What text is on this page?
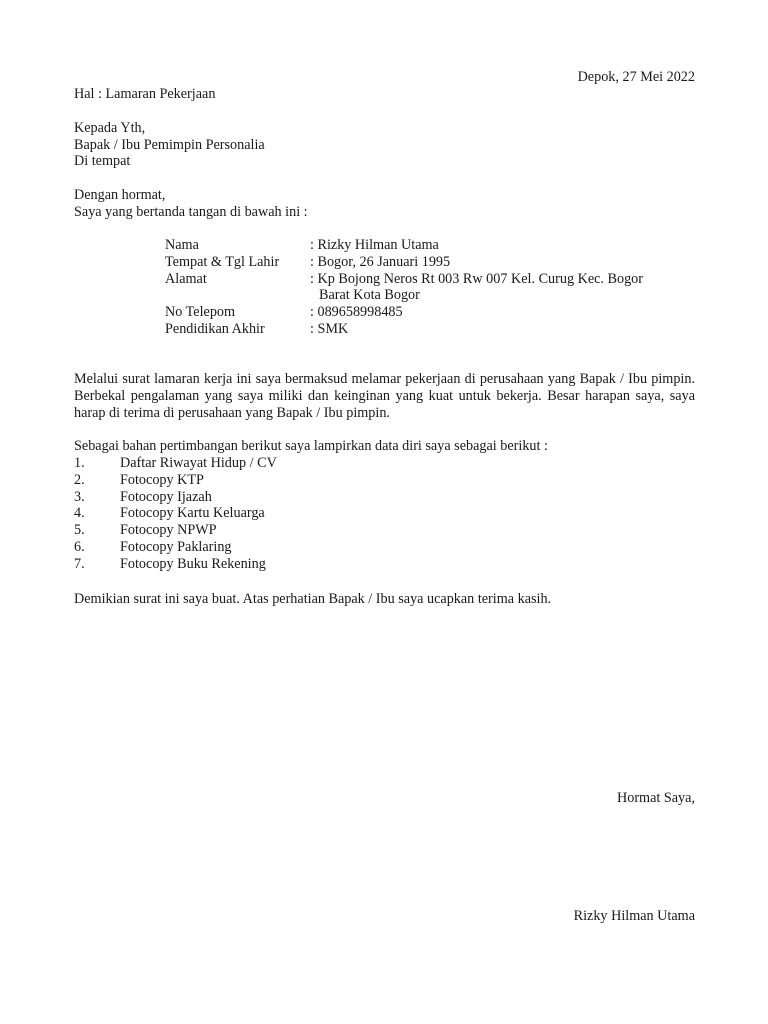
Depok, 27 Mei 2022
Hal : Lamaran Pekerjaan
Kepada Yth,
Bapak / Ibu Pemimpin Personalia
Di tempat
Dengan hormat,
Saya yang bertanda tangan di bawah ini :
Nama	: Rizky Hilman Utama
Tempat & Tgl Lahir : Bogor, 26 Januari 1995
Alamat	: Kp Bojong Neros Rt 003 Rw 007 Kel. Curug Kec. Bogor
Barat Kota Bogor
No Telepom	: 089658998485
Pendidikan Akhir	: SMK
Melalui surat lamaran kerja ini saya bermaksud melamar pekerjaan di perusahaan yang Bapak / Ibu pimpin. Berbekal pengalaman yang saya miliki dan keinginan yang kuat untuk bekerja. Besar harapan saya, saya harap di terima di perusahaan yang Bapak / Ibu pimpin.
Sebagai bahan pertimbangan berikut saya lampirkan data diri saya sebagai berikut :
1. Daftar Riwayat Hidup / CV
2. Fotocopy KTP
3. Fotocopy Ijazah
4. Fotocopy Kartu Keluarga
5. Fotocopy NPWP
6. Fotocopy Paklaring
7. Fotocopy Buku Rekening
Demikian surat ini saya buat. Atas perhatian Bapak / Ibu saya ucapkan terima kasih.
Hormat Saya,
Rizky Hilman Utama
